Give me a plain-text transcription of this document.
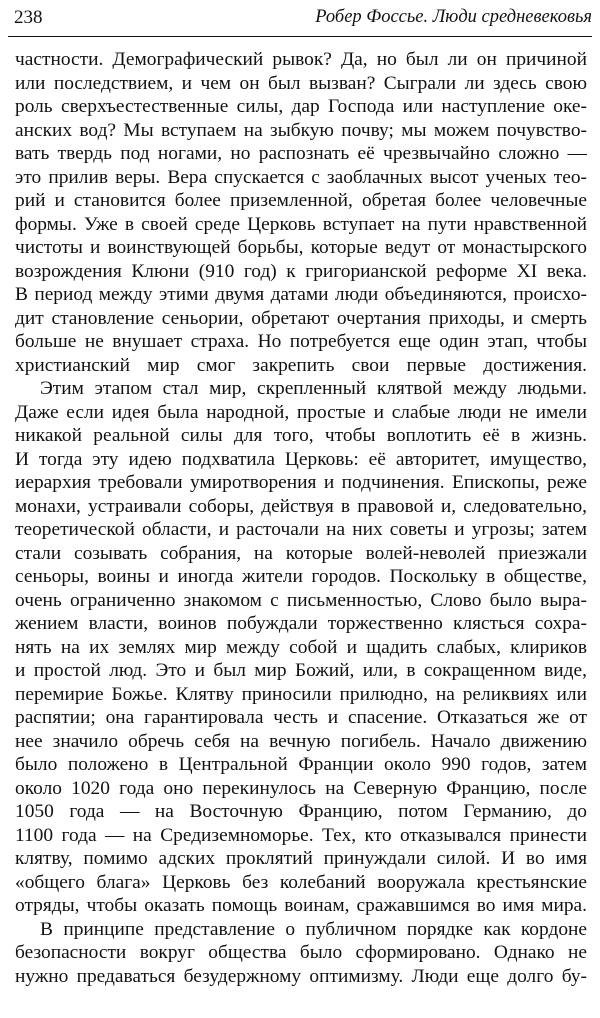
238	Робер Фоссье. Люди средневековья
частности. Демографический рывок? Да, но был ли он причиной
или последствием, и чем он был вызван? Сыграли ли здесь свою
роль сверхъестественные силы, дар Господа или наступление оке-
анских вод? Мы вступаем на зыбкую почву; мы можем почувство-
вать твердь под ногами, но распознать её чрезвычайно сложно —
это прилив веры. Вера спускается с заоблачных высот ученых тео-
рий и становится более приземленной, обретая более человечные
формы. Уже в своей среде Церковь вступает на пути нравственной
чистоты и воинствующей борьбы, которые ведут от монастырского
возрождения Клюни (910 год) к григорианской реформе XI века.
В период между этими двумя датами люди объединяются, происхо-
дит становление сеньории, обретают очертания приходы, и смерть
больше не внушает страха. Но потребуется еще один этап, чтобы
христианский мир смог закрепить свои первые достижения.
Этим этапом стал мир, скрепленный клятвой между людьми.
Даже если идея была народной, простые и слабые люди не имели
никакой реальной силы для того, чтобы воплотить её в жизнь.
И тогда эту идею подхватила Церковь: её авторитет, имущество,
иерархия требовали умиротворения и подчинения. Епископы, реже
монахи, устраивали соборы, действуя в правовой и, следовательно,
теоретической области, и расточали на них советы и угрозы; затем
стали созывать собрания, на которые волей-неволей приезжали
сеньоры, воины и иногда жители городов. Поскольку в обществе,
очень ограниченно знакомом с письменностью, Слово было выра-
жением власти, воинов побуждали торжественно клясться сохра-
нять на их землях мир между собой и щадить слабых, клириков
и простой люд. Это и был мир Божий, или, в сокращенном виде,
перемирие Божье. Клятву приносили прилюдно, на реликвиях или
распятии; она гарантировала честь и спасение. Отказаться же от
нее значило обречь себя на вечную погибель. Начало движению
было положено в Центральной Франции около 990 годов, затем
около 1020 года оно перекинулось на Северную Францию, после
1050 года — на Восточную Францию, потом Германию, до
1100 года — на Средиземноморье. Тех, кто отказывался принести
клятву, помимо адских проклятий принуждали силой. И во имя
«общего блага» Церковь без колебаний вооружала крестьянские
отряды, чтобы оказать помощь воинам, сражавшимся во имя мира.
В принципе представление о публичном порядке как кордоне
безопасности вокруг общества было сформировано. Однако не
нужно предаваться безудержному оптимизму. Люди еще долго бу-
